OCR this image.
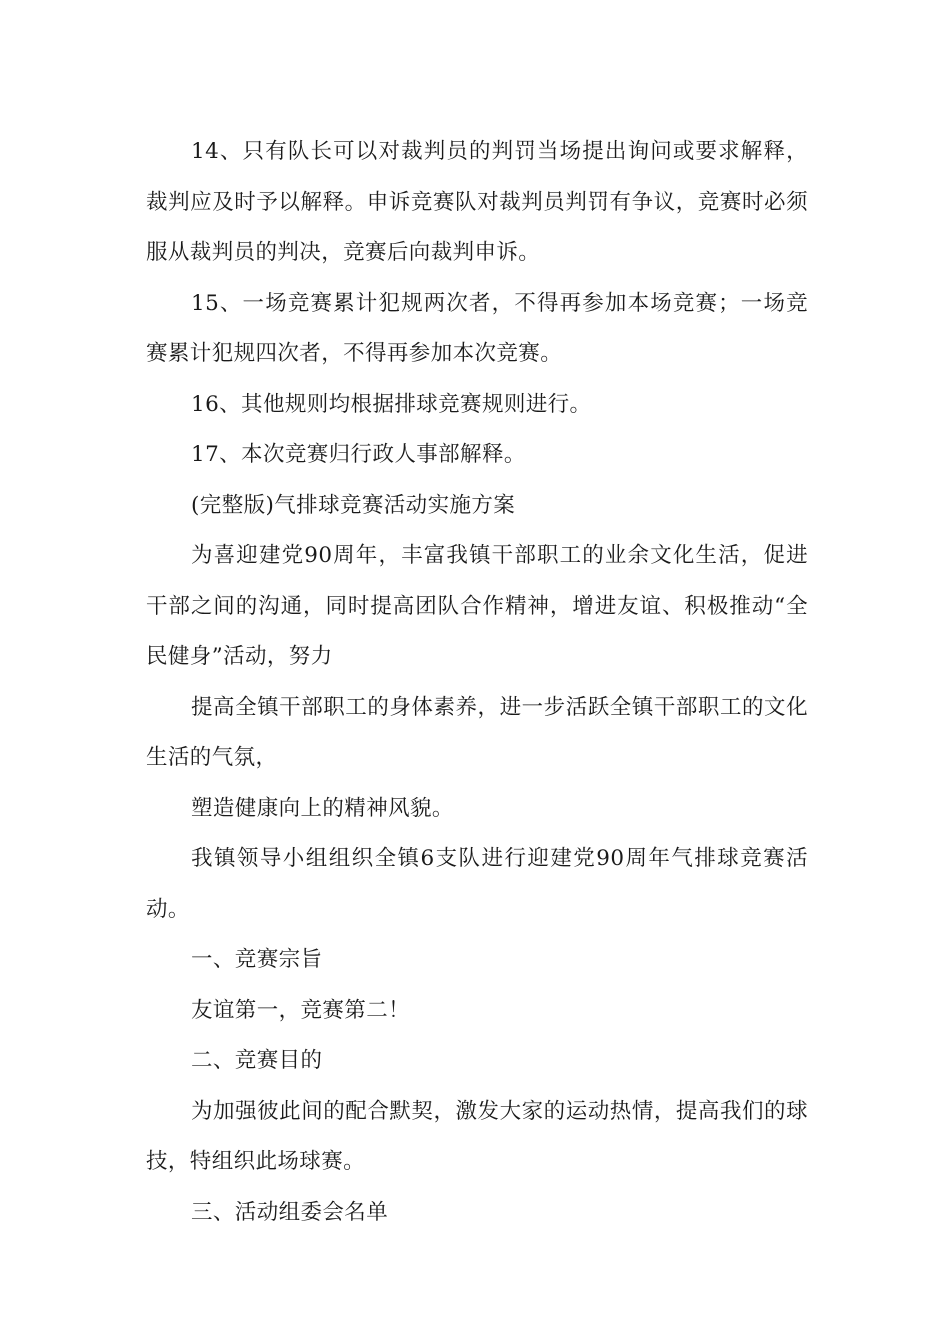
14、只有队长可以对裁判员的判罚当场提出询问或要求解释，裁判应及时予以解释。申诉竞赛队对裁判员判罚有争议，竞赛时必须服从裁判员的判决，竞赛后向裁判申诉。

15、一场竞赛累计犯规两次者，不得再参加本场竞赛；一场竞赛累计犯规四次者，不得再参加本次竞赛。

16、其他规则均根据排球竞赛规则进行。

17、本次竞赛归行政人事部解释。

(完整版)气排球竞赛活动实施方案

为喜迎建党90周年，丰富我镇干部职工的业余文化生活，促进干部之间的沟通，同时提高团队合作精神，增进友谊、积极推动“全民健身”活动，努力

提高全镇干部职工的身体素养，进一步活跃全镇干部职工的文化生活的气氛，

塑造健康向上的精神风貌。

我镇领导小组组织全镇6支队进行迎建党90周年气排球竞赛活动。

一、竞赛宗旨

友谊第一，竞赛第二！

二、竞赛目的

为加强彼此间的配合默契，激发大家的运动热情，提高我们的球技，特组织此场球赛。

三、活动组委会名单
